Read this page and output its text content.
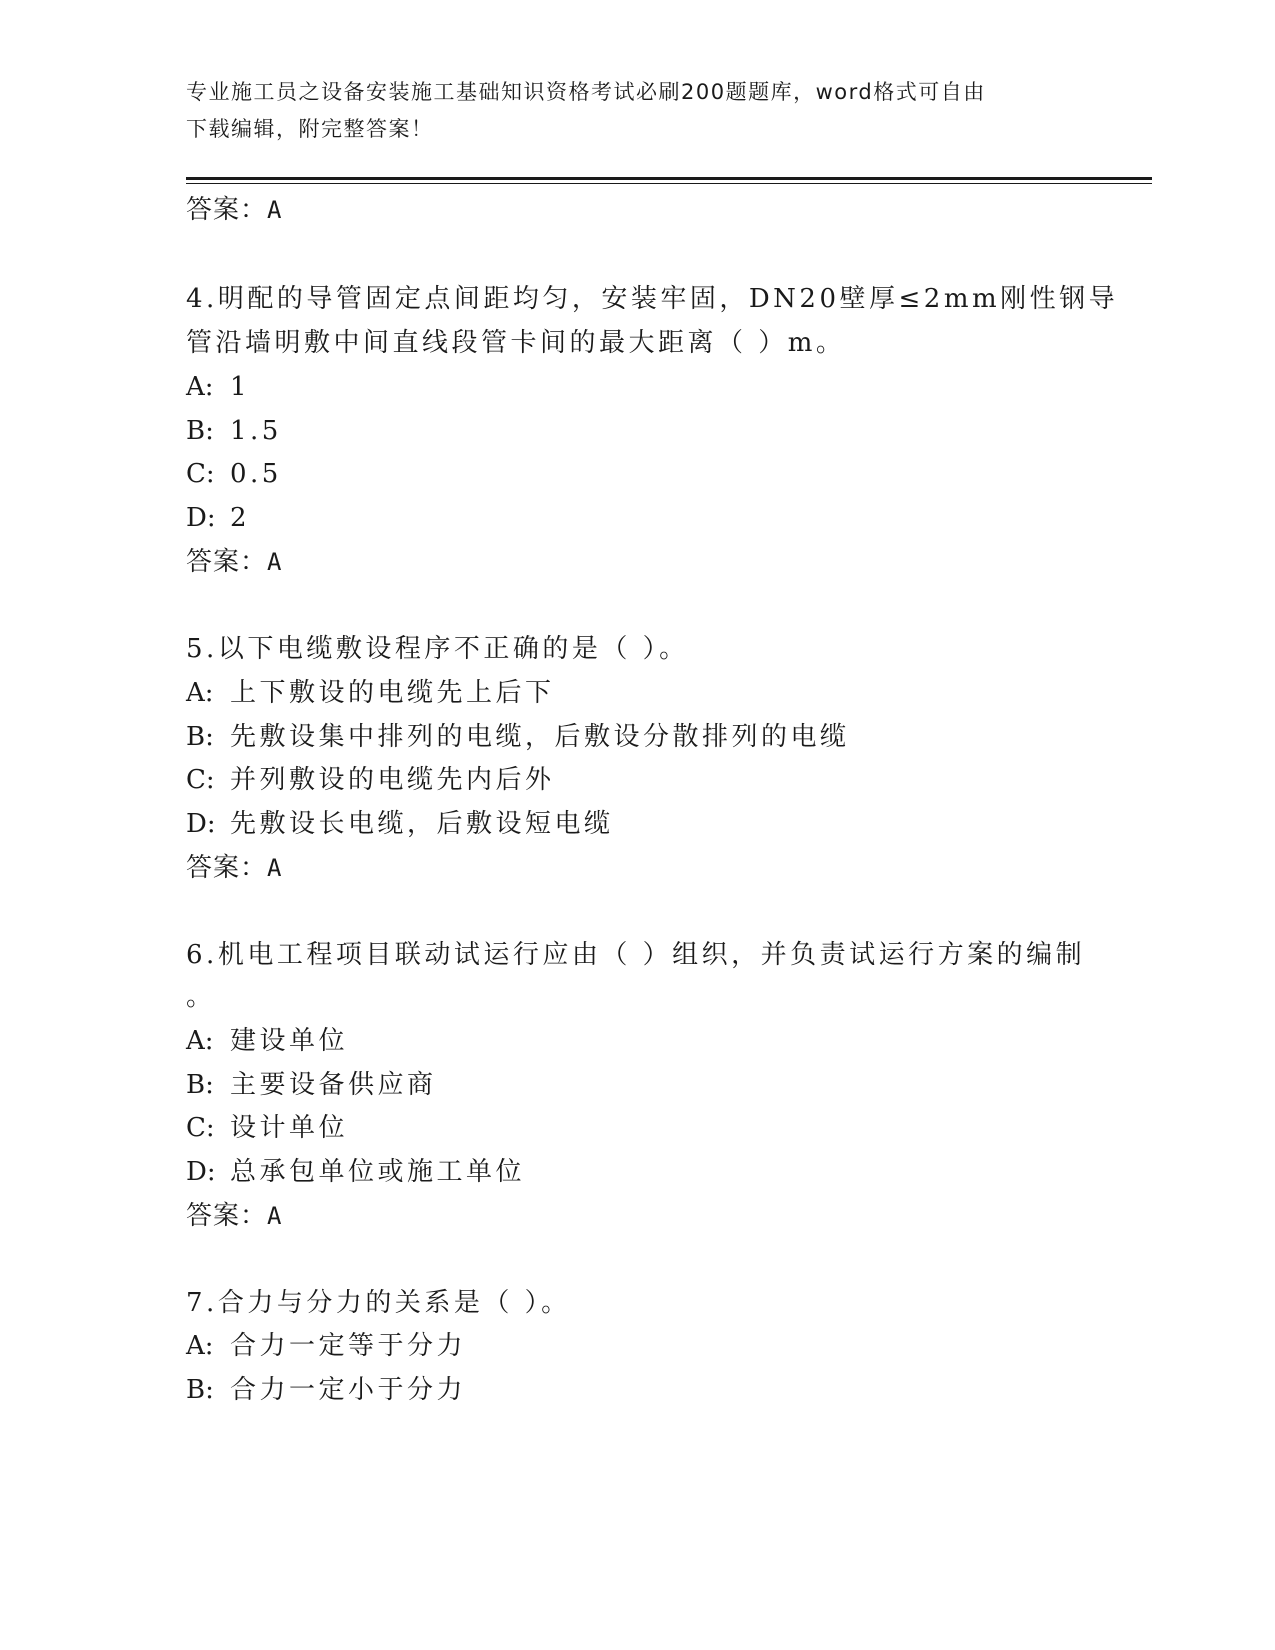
专业施工员之设备安装施工基础知识资格考试必刷200题题库，word格式可自由
下载编辑，附完整答案！
答案：A
4.明配的导管固定点间距均匀，安装牢固，DN20壁厚≤2mm刚性钢导
管沿墙明敷中间直线段管卡间的最大距离（ ）m。
A: 1
B: 1.5
C: 0.5
D: 2
答案：A
5.以下电缆敷设程序不正确的是（ ）。
A: 上下敷设的电缆先上后下
B: 先敷设集中排列的电缆，后敷设分散排列的电缆
C: 并列敷设的电缆先内后外
D: 先敷设长电缆，后敷设短电缆
答案：A
6.机电工程项目联动试运行应由（ ）组织，并负责试运行方案的编制
。
A: 建设单位
B: 主要设备供应商
C: 设计单位
D: 总承包单位或施工单位
答案：A
7.合力与分力的关系是（ ）。
A: 合力一定等于分力
B: 合力一定小于分力
